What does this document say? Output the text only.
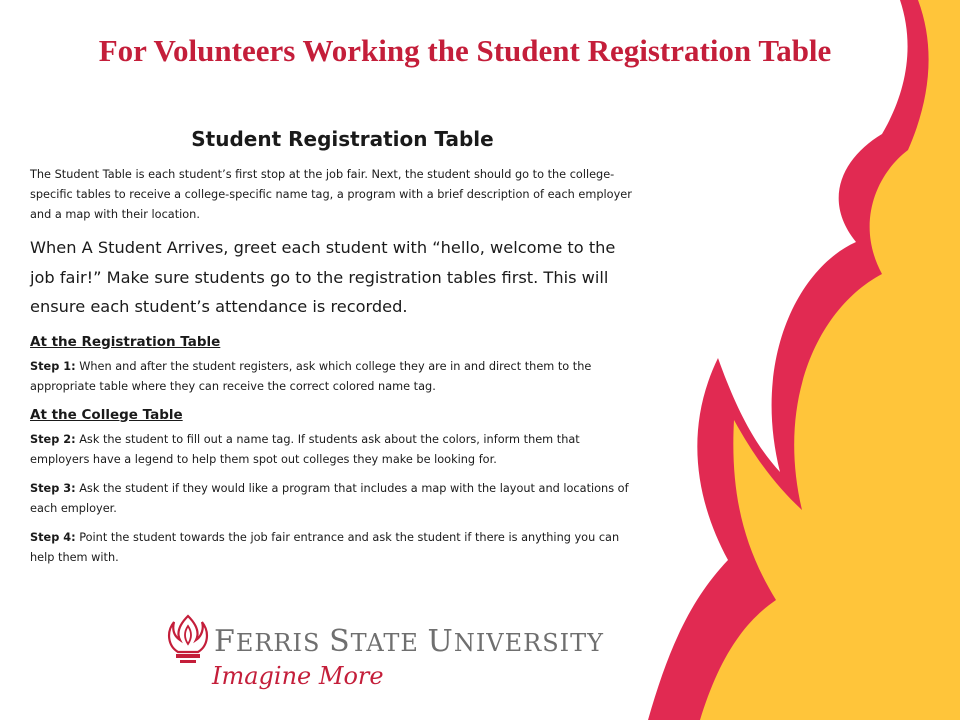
For Volunteers Working the Student Registration Table
Student Registration Table

The Student Table is each student’s first stop at the job fair. Next, the student should go to the college-specific tables to receive a college-specific name tag, a program with a brief description of each employer and a map with their location.

When A Student Arrives, greet each student with “hello, welcome to the job fair!” Make sure students go to the registration tables first. This will ensure each student’s attendance is recorded.

At the Registration Table

Step 1: When and after the student registers, ask which college they are in and direct them to the appropriate table where they can receive the correct colored name tag.

At the College Table

Step 2: Ask the student to fill out a name tag. If students ask about the colors, inform them that employers have a legend to help them spot out colleges they make be looking for.

Step 3: Ask the student if they would like a program that includes a map with the layout and locations of each employer.

Step 4: Point the student towards the job fair entrance and ask the student if there is anything you can help them with.

FERRIS STATE UNIVERSITY
Imagine More
